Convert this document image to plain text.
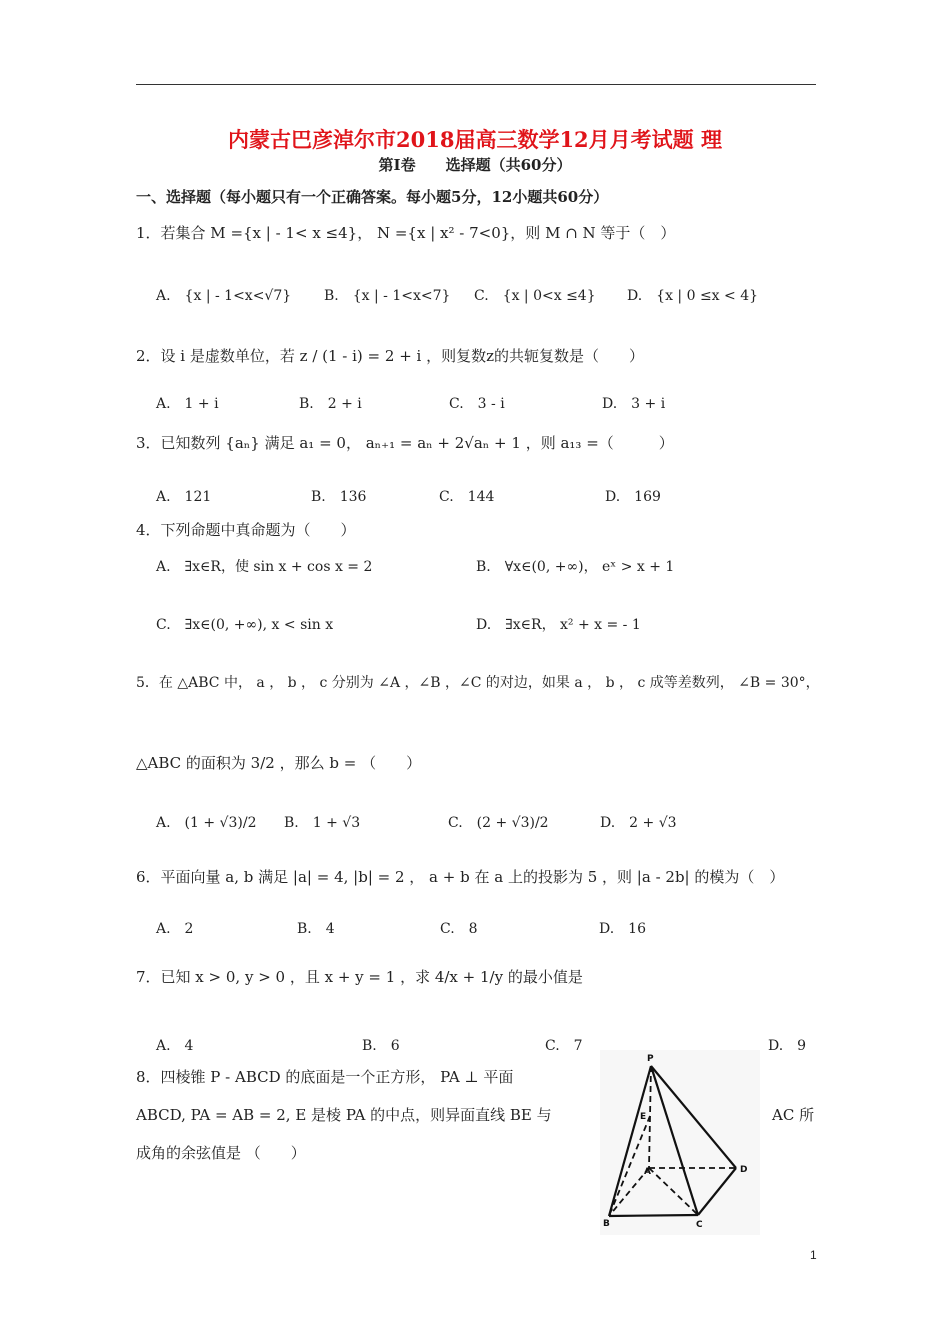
内蒙古巴彦淖尔市2018届高三数学12月月考试题 理
第Ⅰ卷　　选择题（共60分）
一、选择题（每小题只有一个正确答案。每小题5分，12小题共60分）
1．若集合 M ={x | - 1< x ≤4}， N ={x | x² - 7<0}，则 M ∩ N 等于（　）
A.　{x | - 1<x<√7} B.　{x | - 1<x<7} C.　{x | 0<x ≤4} D.　{x | 0 ≤x < 4}
2．设 i 是虚数单位，若 z / (1 - i) = 2 + i ，则复数z的共轭复数是（　　）
A.　1 + i	B.　2 + i	C.　3 - i	D.　3 + i
3．已知数列 {aₙ} 满足 a₁ = 0， aₙ₊₁ = aₙ + 2√aₙ + 1 ，则 a₁₃ =（　　　）
A.　121	B.　136	C.　144	D.　169
4．下列命题中真命题为（　　）
A.　∃x∈R，使 sin x + cos x = 2	B.　∀x∈(0, +∞)， eˣ > x + 1
C.　∃x∈(0, +∞), x < sin x	D.　∃x∈R， x² + x = - 1
5．在 △ABC 中， a ， b ， c 分别为 ∠A ，∠B ，∠C 的对边，如果 a ， b ， c 成等差数列， ∠B = 30°，
△ABC 的面积为 3/2 ，那么 b = （　　）
A.　(1 + √3)/2 B.　1 + √3	C.　(2 + √3)/2	D.　2 + √3
6．平面向量 a, b 满足 |a| = 4, |b| = 2 ， a + b 在 a 上的投影为 5 ，则 |a - 2b| 的模为（　）
A.　2	B.　4	C.　8	D.　16
7．已知 x > 0, y > 0 ，且 x + y = 1 ，求 4/x + 1/y 的最小值是
A.　4	B.　6	C.　7	D.　9
8．四棱锥 P - ABCD 的底面是一个正方形， PA ⊥ 平面
ABCD, PA = AB = 2, E 是棱 PA 的中点，则异面直线 BE 与	AC 所
成角的余弦值是 （　　）
P
E
A
B	C
D
1
